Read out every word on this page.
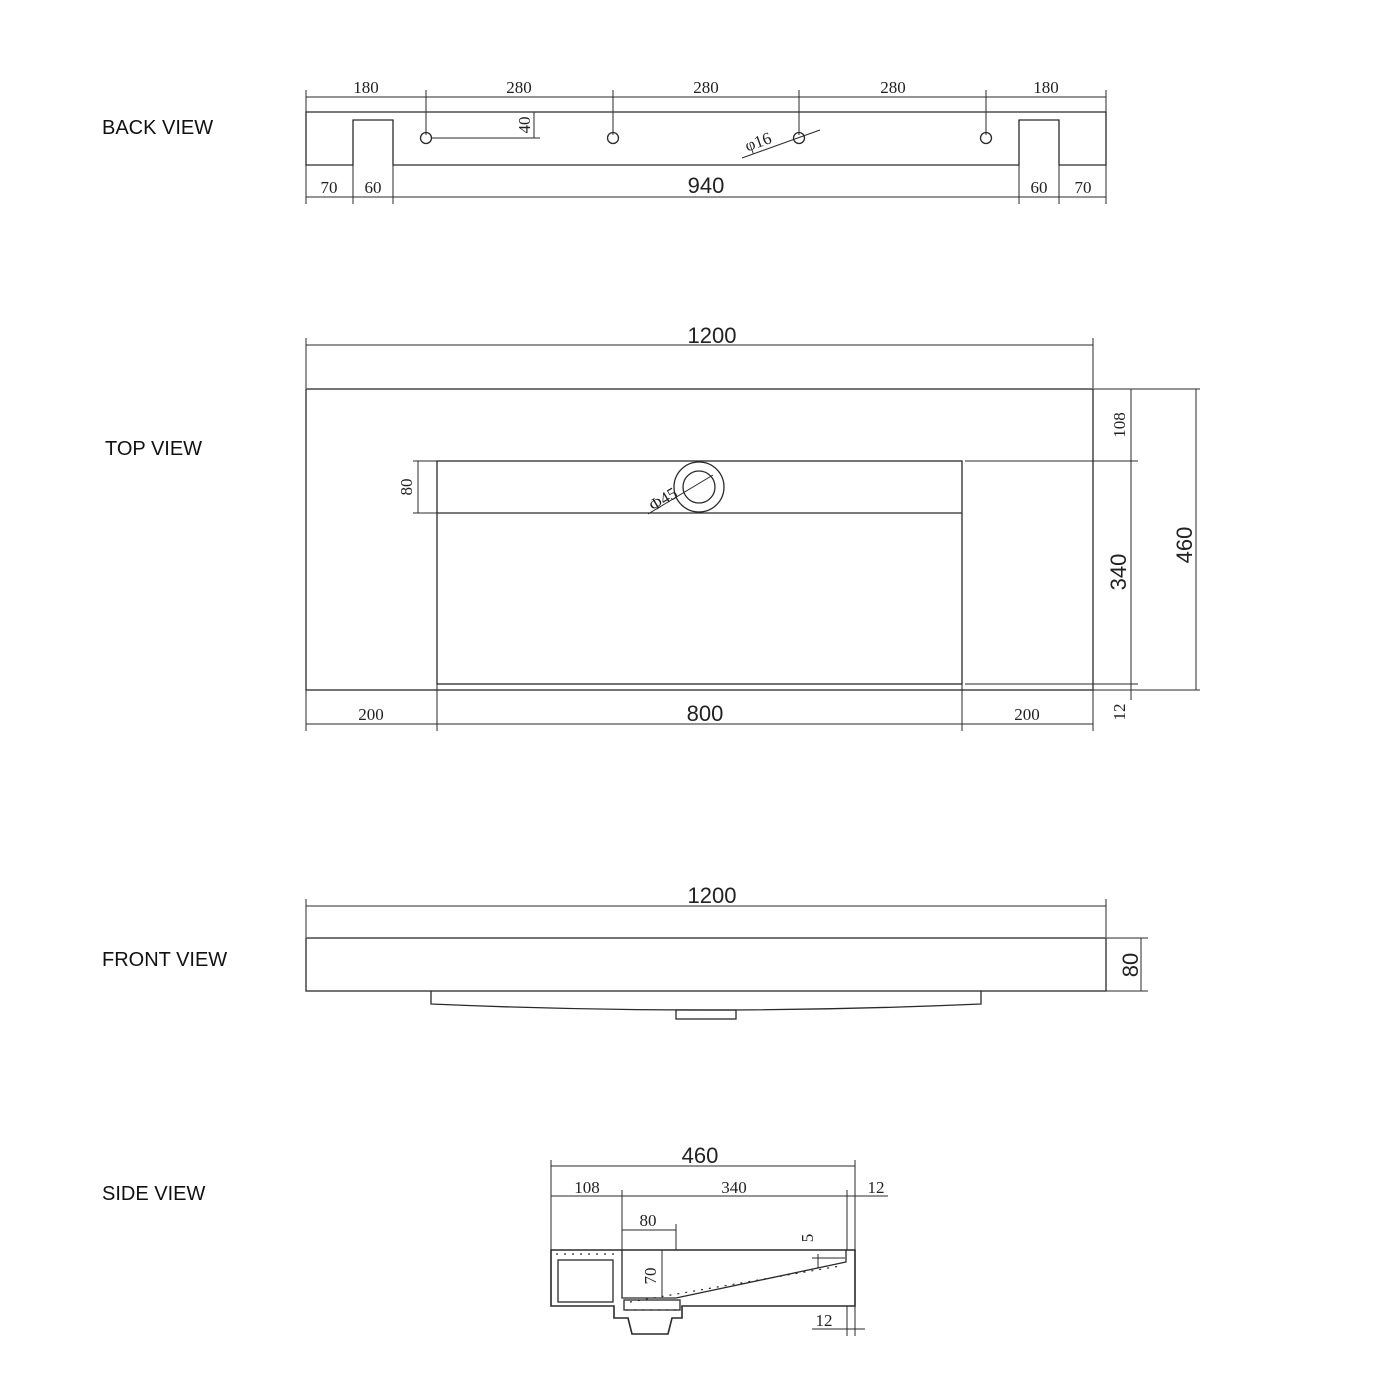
BACK VIEW
180	280	280	280	180
40
φ16
70 60	940	60 70
TOP VIEW
1200
Φ45
80
108
340
460
12
200	800	200
FRONT VIEW
1200
80
SIDE VIEW
460
108	340	12
80
70
5
12
